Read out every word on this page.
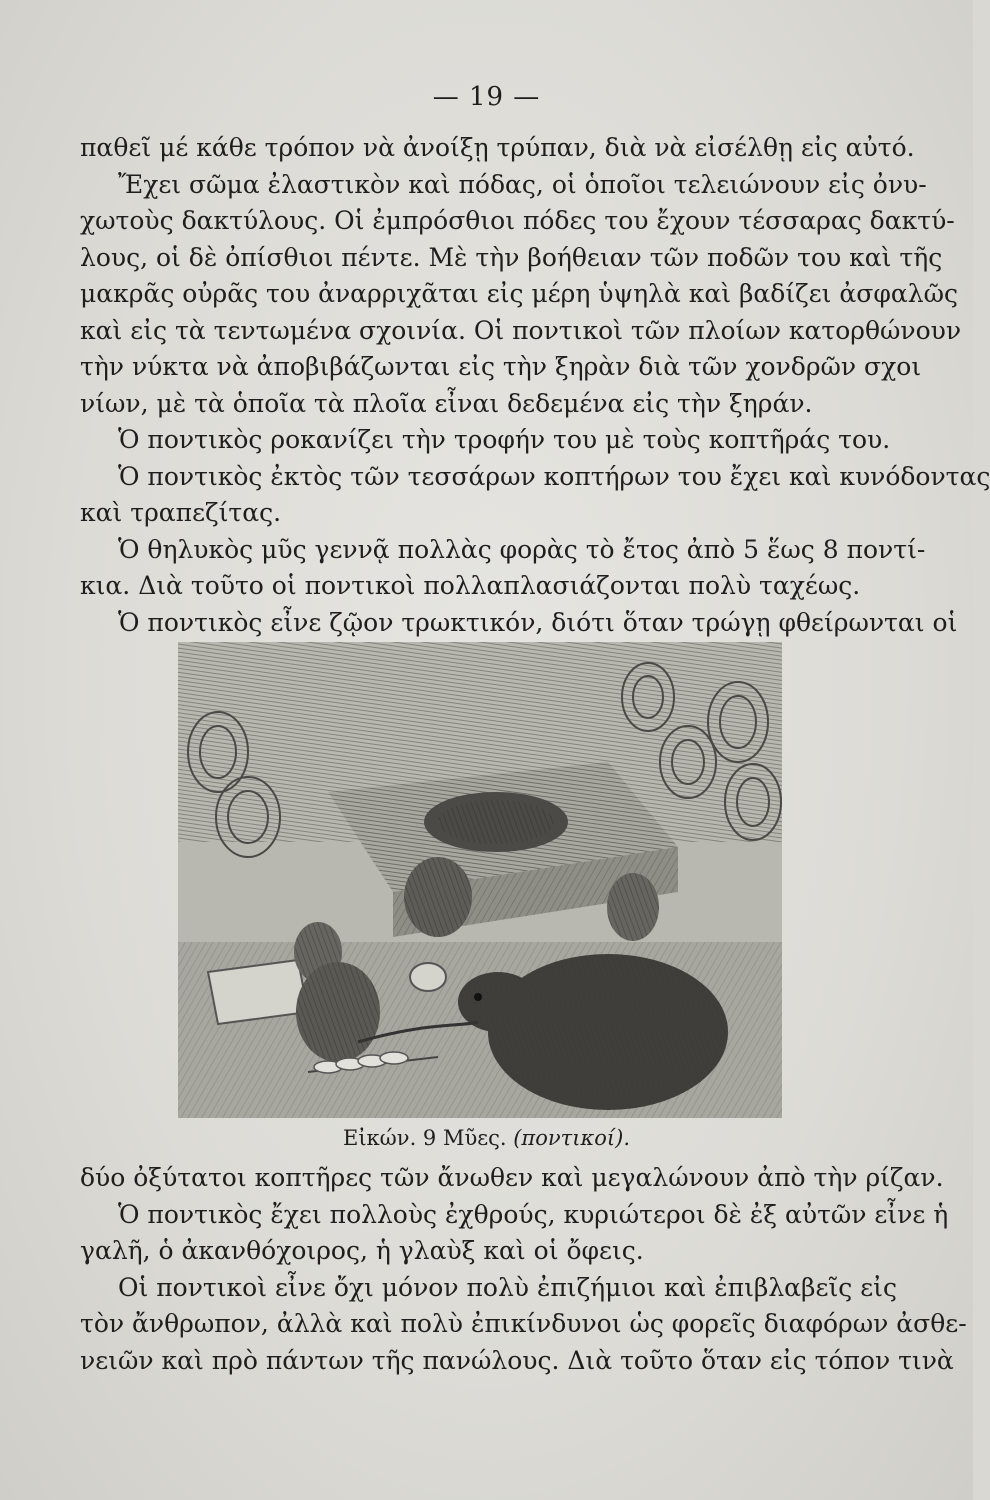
— 19 —
παθεῖ μέ κάθε τρόπον νὰ ἀνοίξῃ τρύπαν, διὰ νὰ εἰσέλθῃ εἰς αὐτό.
Ἔχει σῶμα ἐλαστικὸν καὶ πόδας, οἱ ὁποῖοι τελειώνουν εἰς ὀνυ-
χωτοὺς δακτύλους. Οἱ ἐμπρόσθιοι πόδες του ἔχουν τέσσαρας δακτύ-
λους, οἱ δὲ ὀπίσθιοι πέντε. Μὲ τὴν βοήθειαν τῶν ποδῶν του καὶ τῆς
μακρᾶς οὐρᾶς του ἀναρριχᾶται εἰς μέρη ὑψηλὰ καὶ βαδίζει ἀσφαλῶς
καὶ εἰς τὰ τεντωμένα σχοινία. Οἱ ποντικοὶ τῶν πλοίων κατορθώνουν
τὴν νύκτα νὰ ἀποβιβάζωνται εἰς τὴν ξηρὰν διὰ τῶν χονδρῶν σχοι
νίων, μὲ τὰ ὁποῖα τὰ πλοῖα εἶναι δεδεμένα εἰς τὴν ξηράν.
Ὁ ποντικὸς ροκανίζει τὴν τροφήν του μὲ τοὺς κοπτῆράς του.
Ὁ ποντικὸς ἐκτὸς τῶν τεσσάρων κοπτήρων του ἔχει καὶ κυνόδοντας
καὶ τραπεζίτας.
Ὁ θηλυκὸς μῦς γεννᾷ πολλὰς φορὰς τὸ ἔτος ἀπὸ 5 ἕως 8 ποντί-
κια. Διὰ τοῦτο οἱ ποντικοὶ πολλαπλασιάζονται πολὺ ταχέως.
Ὁ ποντικὸς εἶνε ζῷον τρωκτικόν, διότι ὅταν τρώγῃ φθείρωνται οἱ
Εἰκών. 9 Μῦες. (ποντικοί).
δύο ὀξύτατοι κοπτῆρες τῶν ἄνωθεν καὶ μεγαλώνουν ἀπὸ τὴν ρίζαν.
Ὁ ποντικὸς ἔχει πολλοὺς ἐχθρούς, κυριώτεροι δὲ ἐξ αὐτῶν εἶνε ἡ
γαλῆ, ὁ ἀκανθόχοιρος, ἡ γλαὺξ καὶ οἱ ὄφεις.
Οἱ ποντικοὶ εἶνε ὄχι μόνον πολὺ ἐπιζήμιοι καὶ ἐπιβλαβεῖς εἰς
τὸν ἄνθρωπον, ἀλλὰ καὶ πολὺ ἐπικίνδυνοι ὡς φορεῖς διαφόρων ἀσθε-
νειῶν καὶ πρὸ πάντων τῆς πανώλους. Διὰ τοῦτο ὅταν εἰς τόπον τινὰ
